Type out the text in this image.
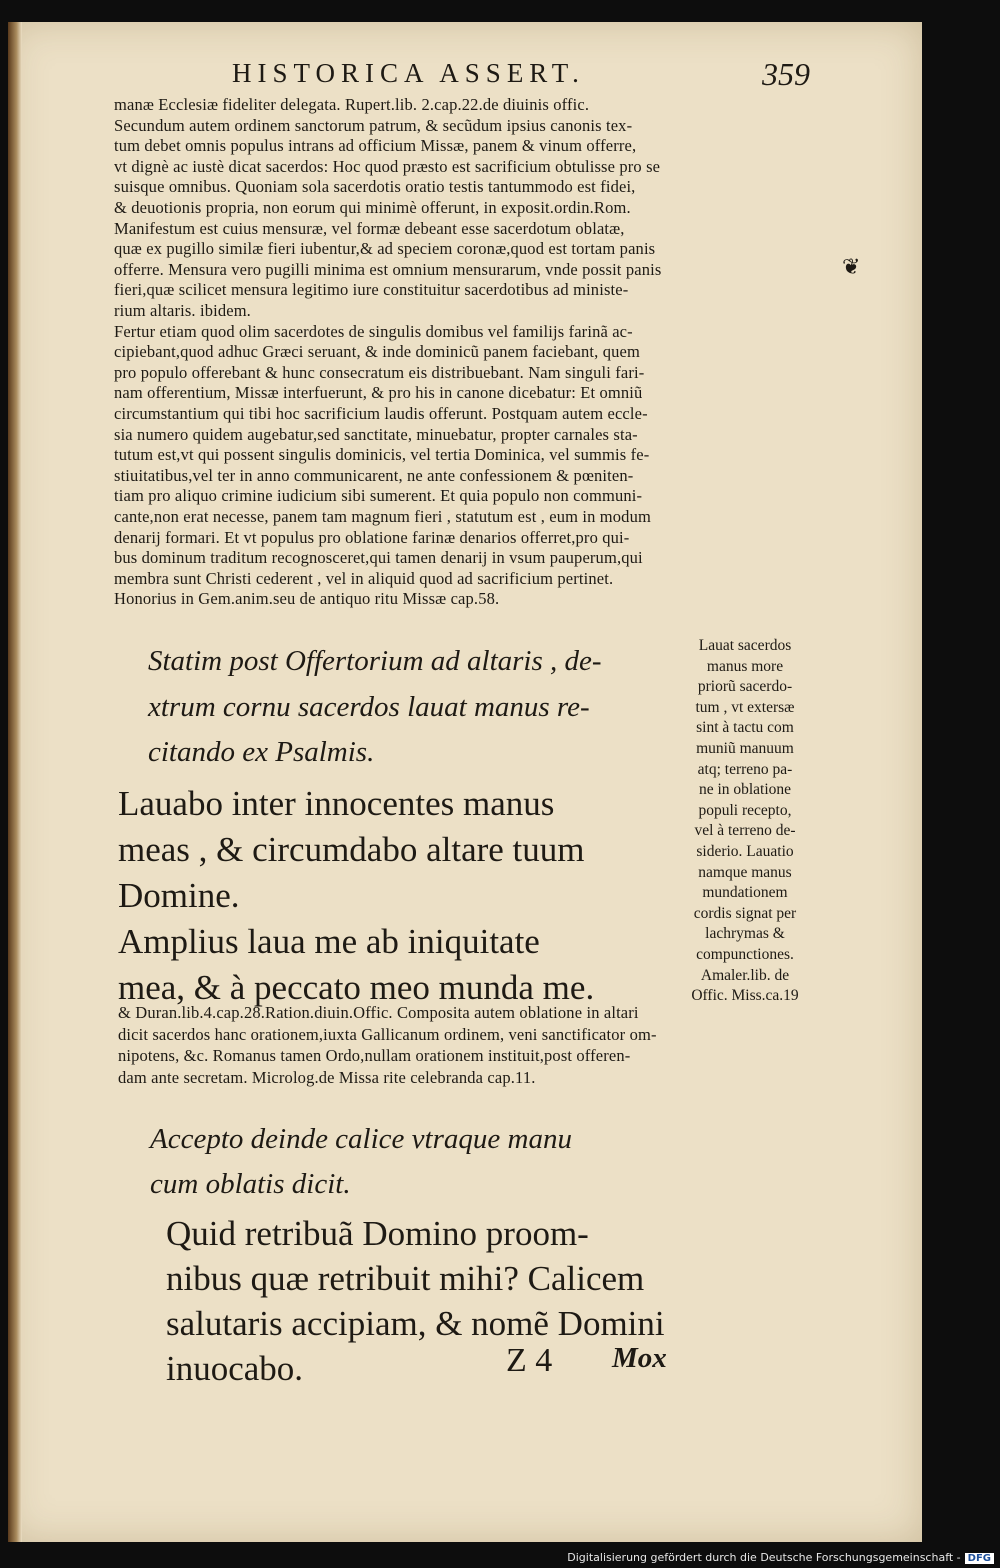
HISTORICA ASSERT.	359
❦
manæ Ecclesiæ fideliter delegata. Rupert.lib. 2.cap.22.de diuinis offic.
Secundum autem ordinem sanctorum patrum, & secũdum ipsius canonis tex-
tum debet omnis populus intrans ad officium Missæ, panem & vinum offerre,
vt dignè ac iustè dicat sacerdos: Hoc quod præsto est sacrificium obtulisse pro se
suisque omnibus. Quoniam sola sacerdotis oratio testis tantummodo est fidei,
& deuotionis propria, non eorum qui minimè offerunt, in exposit.ordin.Rom.
Manifestum est cuius mensuræ, vel formæ debeant esse sacerdotum oblatæ,
quæ ex pugillo similæ fieri iubentur,& ad speciem coronæ,quod est tortam panis
offerre. Mensura vero pugilli minima est omnium mensurarum, vnde possit panis
fieri,quæ scilicet mensura legitimo iure constituitur sacerdotibus ad ministe-
rium altaris. ibidem.
Fertur etiam quod olim sacerdotes de singulis domibus vel familijs farinã ac-
cipiebant,quod adhuc Græci seruant, & inde dominicũ panem faciebant, quem
pro populo offerebant & hunc consecratum eis distribuebant. Nam singuli fari-
nam offerentium, Missæ interfuerunt, & pro his in canone dicebatur: Et omniũ
circumstantium qui tibi hoc sacrificium laudis offerunt. Postquam autem eccle-
sia numero quidem augebatur,sed sanctitate, minuebatur, propter carnales sta-
tutum est,vt qui possent singulis dominicis, vel tertia Dominica, vel summis fe-
stiuitatibus,vel ter in anno communicarent, ne ante confessionem & pœniten-
tiam pro aliquo crimine iudicium sibi sumerent. Et quia populo non communi-
cante,non erat necesse, panem tam magnum fieri , statutum est , eum in modum
denarij formari. Et vt populus pro oblatione farinæ denarios offerret,pro qui-
bus dominum traditum recognosceret,qui tamen denarij in vsum pauperum,qui
membra sunt Christi cederent , vel in aliquid quod ad sacrificium pertinet.
Honorius in Gem.anim.seu de antiquo ritu Missæ cap.58.
Statim post Offertorium ad altaris , de-
xtrum cornu sacerdos lauat manus re-
citando ex Psalmis.
Lauabo inter innocentes manus
meas , & circumdabo altare tuum
Domine.
Amplius laua me ab iniquitate
mea, & à peccato meo munda me.
Lauat sacerdos
manus more
priorũ sacerdo-
tum , vt extersæ
sint à tactu com
muniũ manuum
atq; terreno pa-
ne in oblatione
populi recepto,
vel à terreno de-
siderio. Lauatio
namque manus
mundationem
cordis signat per
lachrymas &
compunctiones.
Amaler.lib. de
Offic. Miss.ca.19
& Duran.lib.4.cap.28.Ration.diuin.Offic. Composita autem oblatione in altari
dicit sacerdos hanc orationem,iuxta Gallicanum ordinem, veni sanctificator om-
nipotens, &c. Romanus tamen Ordo,nullam orationem instituit,post offeren-
dam ante secretam. Microlog.de Missa rite celebranda cap.11.
Accepto deinde calice vtraque manu
cum oblatis dicit.
Quid retribuã Domino proom-
nibus quæ retribuit mihi? Calicem
salutaris accipiam, & nomẽ Domini
inuocabo.	Z 4 Mox
Digitalisierung gefördert durch die Deutsche Forschungsgemeinschaft - DFG
